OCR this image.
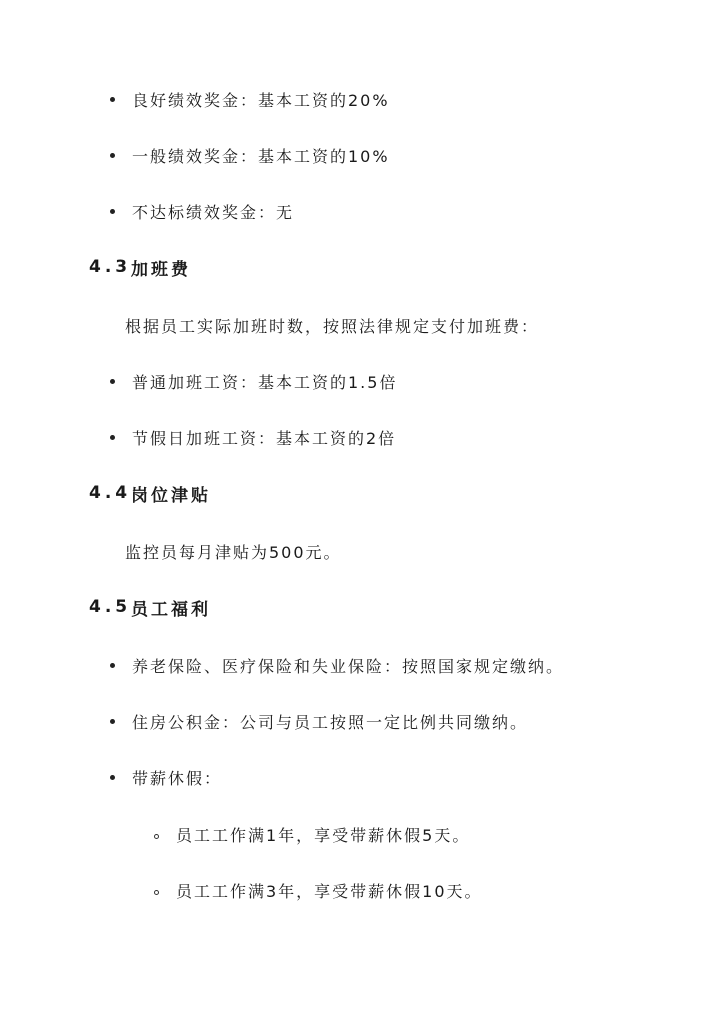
良好绩效奖金：基本工资的20%
一般绩效奖金：基本工资的10%
不达标绩效奖金：无
4.3 加班费
根据员工实际加班时数，按照法律规定支付加班费：
普通加班工资：基本工资的1.5倍
节假日加班工资：基本工资的2倍
4.4 岗位津贴
监控员每月津贴为500元。
4.5 员工福利
养老保险、医疗保险和失业保险：按照国家规定缴纳。
住房公积金：公司与员工按照一定比例共同缴纳。
带薪休假：
员工工作满1年，享受带薪休假5天。
员工工作满3年，享受带薪休假10天。
